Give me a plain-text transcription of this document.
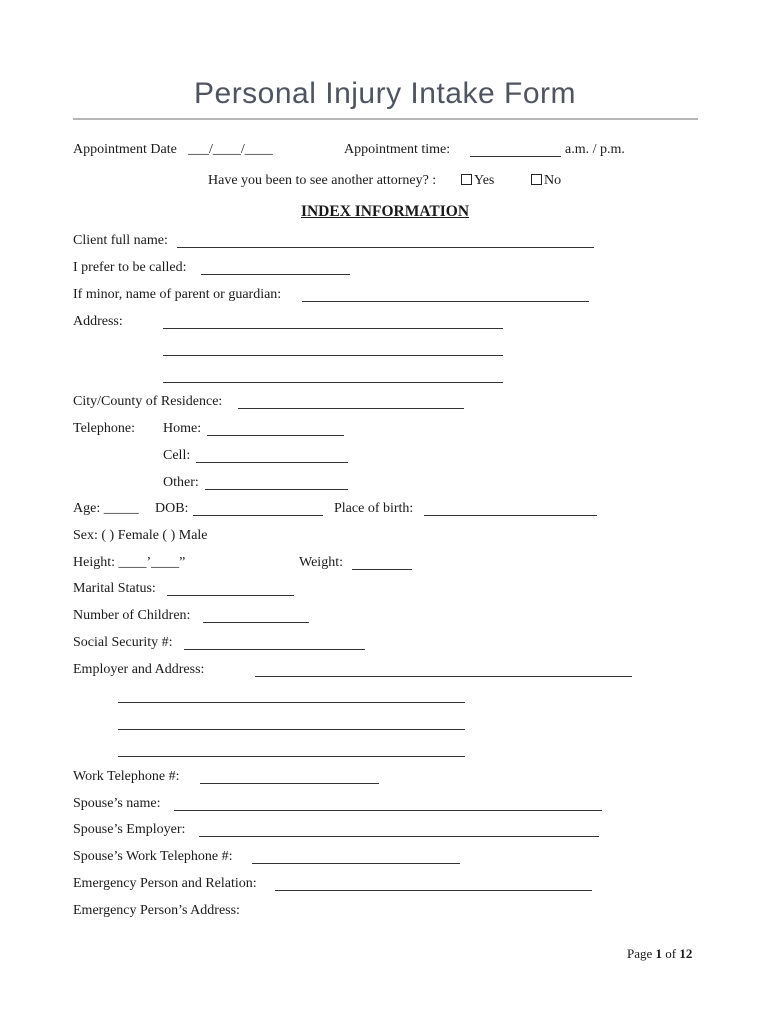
Personal Injury Intake Form
Appointment Date ___/____/____	Appointment time:	a.m. / p.m.
Have you been to see another attorney? :	Yes	No
INDEX INFORMATION
Client full name:
I prefer to be called:
If minor, name of parent or guardian:
Address:
City/County of Residence:
Telephone: Home:
Cell:
Other:
Age: _____ DOB:	Place of birth:
Sex: ( ) Female ( ) Male
Height: ____’____”	Weight:
Marital Status:
Number of Children:
Social Security #:
Employer and Address:
Work Telephone #:
Spouse’s name:
Spouse’s Employer:
Spouse’s Work Telephone #:
Emergency Person and Relation:
Emergency Person’s Address:
Page 1 of 12
